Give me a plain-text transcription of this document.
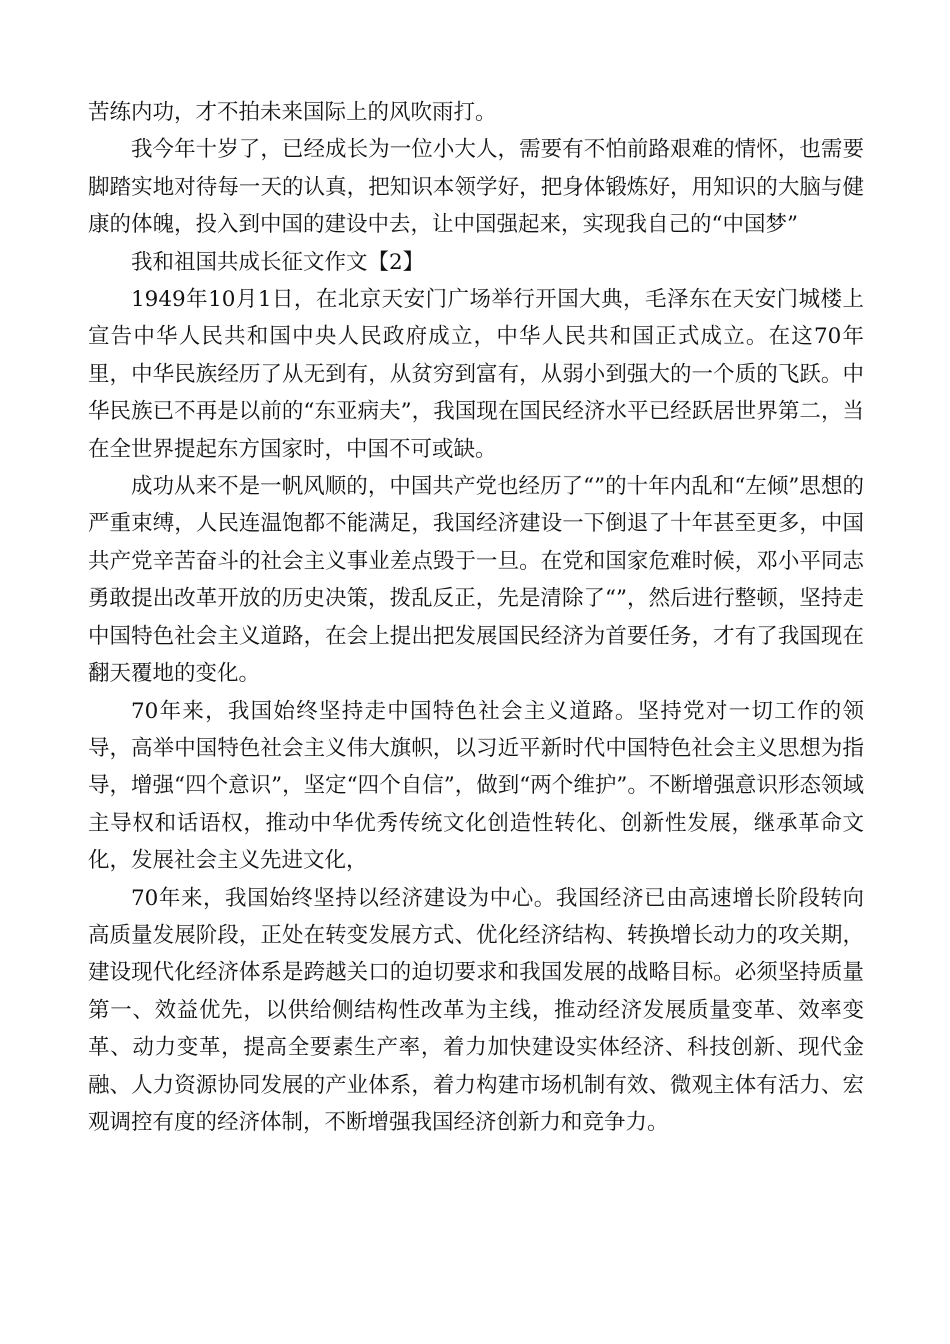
苦练内功，才不拍未来国际上的风吹雨打。

我今年十岁了，已经成长为一位小大人，需要有不怕前路艰难的情怀，也需要脚踏实地对待每一天的认真，把知识本领学好，把身体锻炼好，用知识的大脑与健康的体魄，投入到中国的建设中去，让中国强起来，实现我自己的“中国梦”

我和祖国共成长征文作文【2】

1949年10月1日，在北京天安门广场举行开国大典，毛泽东在天安门城楼上宣告中华人民共和国中央人民政府成立，中华人民共和国正式成立。在这70年里，中华民族经历了从无到有，从贫穷到富有，从弱小到强大的一个质的飞跃。中华民族已不再是以前的“东亚病夫”，我国现在国民经济水平已经跃居世界第二，当在全世界提起东方国家时，中国不可或缺。

成功从来不是一帆风顺的，中国共产党也经历了“”的十年内乱和“左倾”思想的严重束缚，人民连温饱都不能满足，我国经济建设一下倒退了十年甚至更多，中国共产党辛苦奋斗的社会主义事业差点毁于一旦。在党和国家危难时候，邓小平同志勇敢提出改革开放的历史决策，拨乱反正，先是清除了“”，然后进行整顿，坚持走中国特色社会主义道路，在会上提出把发展国民经济为首要任务，才有了我国现在翻天覆地的变化。

70年来，我国始终坚持走中国特色社会主义道路。坚持党对一切工作的领导，高举中国特色社会主义伟大旗帜，以习近平新时代中国特色社会主义思想为指导，增强“四个意识”，坚定“四个自信”，做到“两个维护”。不断增强意识形态领域主导权和话语权，推动中华优秀传统文化创造性转化、创新性发展，继承革命文化，发展社会主义先进文化，

70年来，我国始终坚持以经济建设为中心。我国经济已由高速增长阶段转向高质量发展阶段，正处在转变发展方式、优化经济结构、转换增长动力的攻关期，建设现代化经济体系是跨越关口的迫切要求和我国发展的战略目标。必须坚持质量第一、效益优先，以供给侧结构性改革为主线，推动经济发展质量变革、效率变革、动力变革，提高全要素生产率，着力加快建设实体经济、科技创新、现代金融、人力资源协同发展的产业体系，着力构建市场机制有效、微观主体有活力、宏观调控有度的经济体制，不断增强我国经济创新力和竞争力。
